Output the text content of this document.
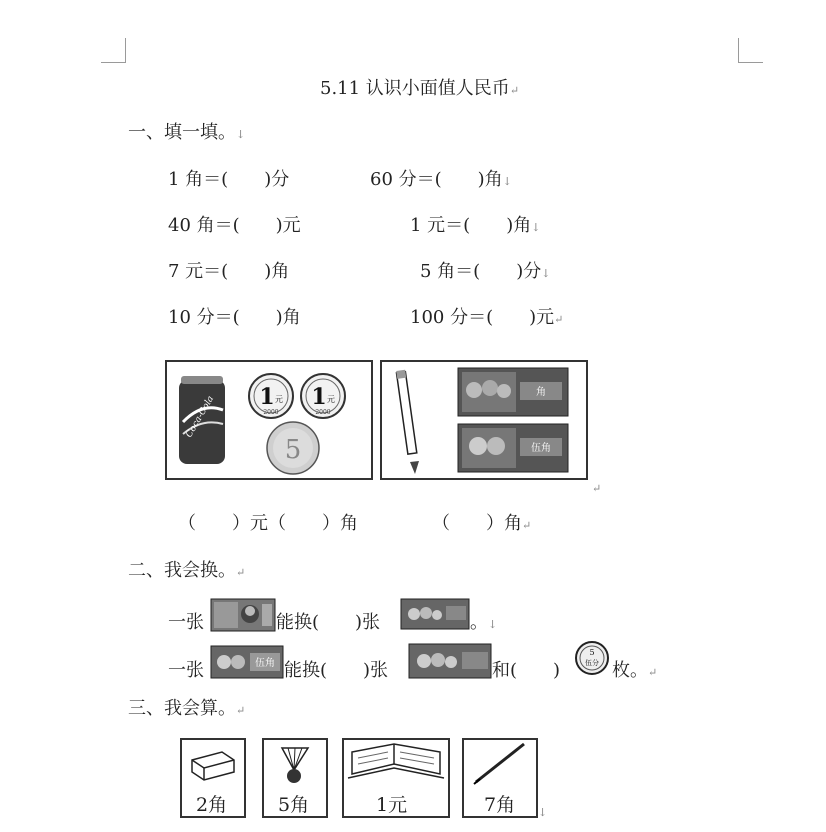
5.11 认识小面值人民币↵
一、填一填。↓
1 角＝(　　)分	60 分＝(　　)角↓
40 角＝(　　)元	1 元＝(　　)角↓
7 元＝(　　)角	5 角＝(　　)分↓
10 分＝(　　)角	100 分＝(　　)元↵
Coca-Cola 1 元
2000
1 元
2000
5
角
伍角
↵
（　　）元（　　）角	（　　）角↵
二、我会换。↵
一张	能换(　　)张	。↓
一张	伍角 能换(　　)张	和(　　)
5
伍分 枚。↵
三、我会算。↵
2角	5角	1元	7角 ↓
